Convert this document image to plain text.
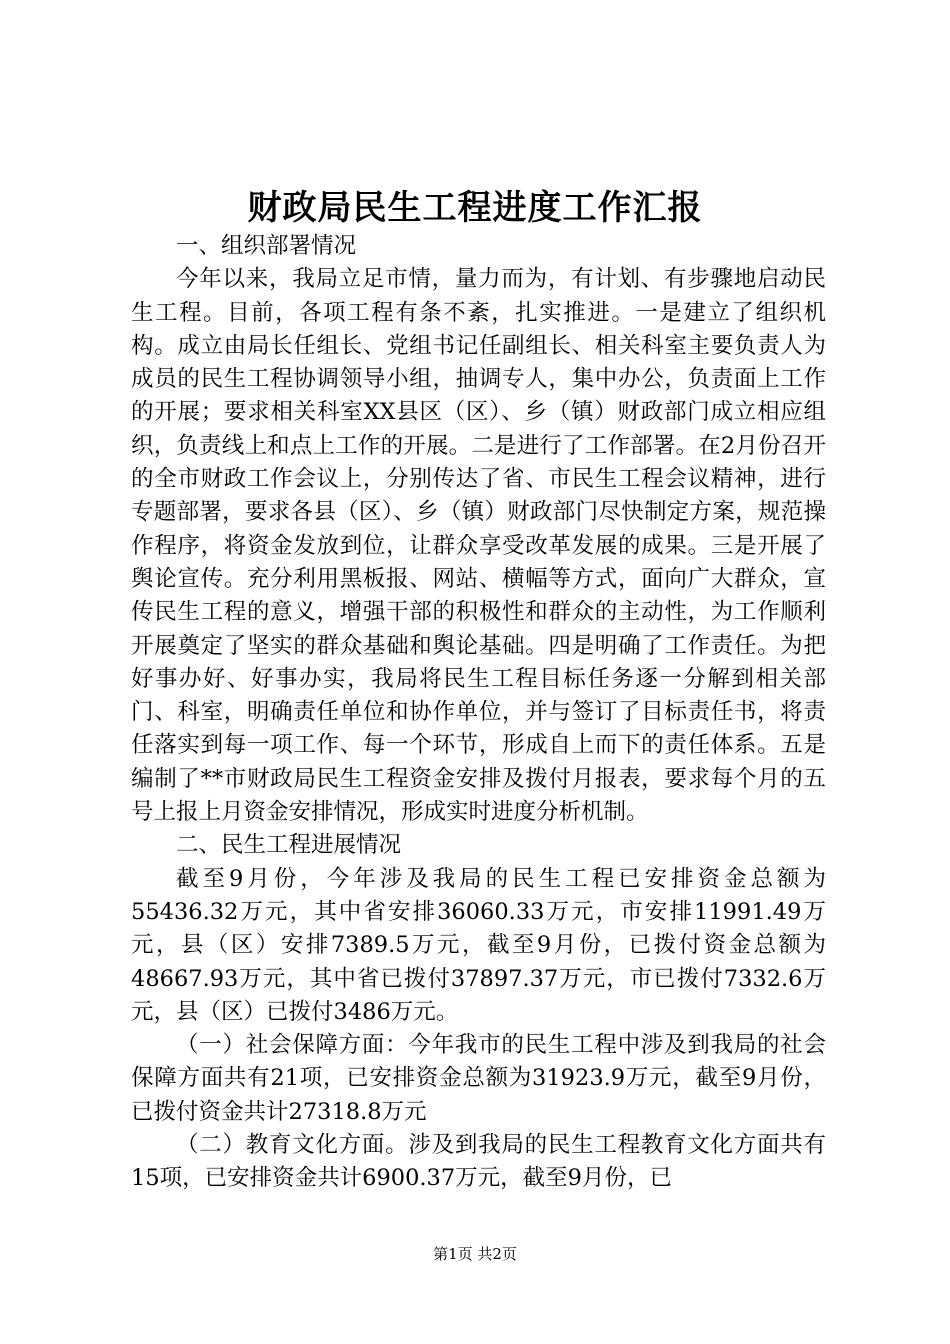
财政局民生工程进度工作汇报

一、组织部署情况

今年以来，我局立足市情，量力而为，有计划、有步骤地启动民生工程。目前，各项工程有条不紊，扎实推进。一是建立了组织机构。成立由局长任组长、党组书记任副组长、相关科室主要负责人为成员的民生工程协调领导小组，抽调专人，集中办公，负责面上工作的开展；要求相关科室XX县区（区）、乡（镇）财政部门成立相应组织，负责线上和点上工作的开展。二是进行了工作部署。在2月份召开的全市财政工作会议上，分别传达了省、市民生工程会议精神，进行专题部署，要求各县（区）、乡（镇）财政部门尽快制定方案，规范操作程序，将资金发放到位，让群众享受改革发展的成果。三是开展了舆论宣传。充分利用黑板报、网站、横幅等方式，面向广大群众，宣传民生工程的意义，增强干部的积极性和群众的主动性，为工作顺利开展奠定了坚实的群众基础和舆论基础。四是明确了工作责任。为把好事办好、好事办实，我局将民生工程目标任务逐一分解到相关部门、科室，明确责任单位和协作单位，并与签订了目标责任书，将责任落实到每一项工作、每一个环节，形成自上而下的责任体系。五是编制了**市财政局民生工程资金安排及拨付月报表，要求每个月的五号上报上月资金安排情况，形成实时进度分析机制。

二、民生工程进展情况

截至9月份，今年涉及我局的民生工程已安排资金总额为55436.32万元，其中省安排36060.33万元，市安排11991.49万元，县（区）安排7389.5万元，截至9月份，已拨付资金总额为48667.93万元，其中省已拨付37897.37万元，市已拨付7332.6万元，县（区）已拨付3486万元。

（一）社会保障方面：今年我市的民生工程中涉及到我局的社会保障方面共有21项，已安排资金总额为31923.9万元，截至9月份，已拨付资金共计27318.8万元

（二）教育文化方面。涉及到我局的民生工程教育文化方面共有15项，已安排资金共计6900.37万元，截至9月份，已

第1页 共2页
